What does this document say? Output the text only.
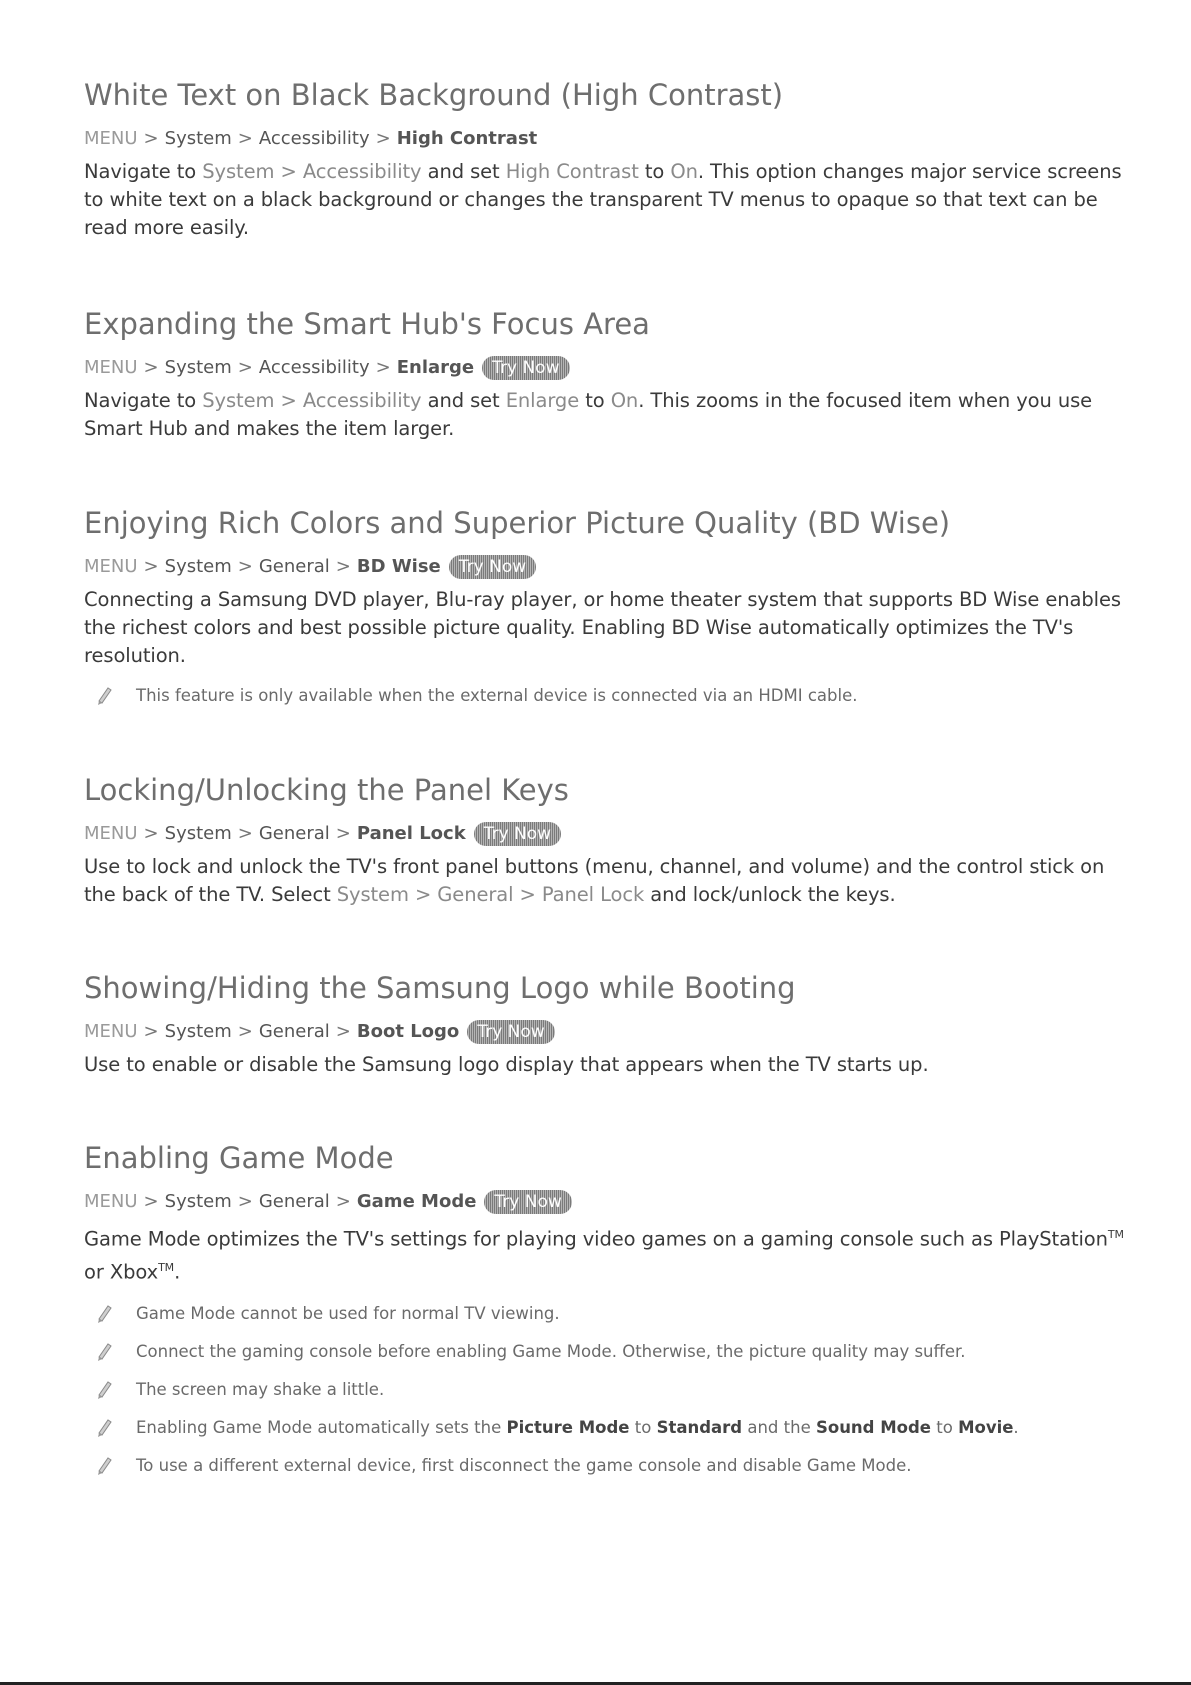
White Text on Black Background (High Contrast)
MENU > System > Accessibility > High Contrast
Navigate to System > Accessibility and set High Contrast to On. This option changes major service screens to white text on a black background or changes the transparent TV menus to opaque so that text can be read more easily.
Expanding the Smart Hub's Focus Area
MENU > System > Accessibility > Enlarge	Try Now
Navigate to System > Accessibility and set Enlarge to On. This zooms in the focused item when you use Smart Hub and makes the item larger.
Enjoying Rich Colors and Superior Picture Quality (BD Wise)
MENU > System > General > BD Wise	Try Now
Connecting a Samsung DVD player, Blu-ray player, or home theater system that supports BD Wise enables the richest colors and best possible picture quality. Enabling BD Wise automatically optimizes the TV's resolution.
This feature is only available when the external device is connected via an HDMI cable.
Locking/Unlocking the Panel Keys
MENU > System > General > Panel Lock	Try Now
Use to lock and unlock the TV's front panel buttons (menu, channel, and volume) and the control stick on the back of the TV. Select System > General > Panel Lock and lock/unlock the keys.
Showing/Hiding the Samsung Logo while Booting
MENU > System > General > Boot Logo	Try Now
Use to enable or disable the Samsung logo display that appears when the TV starts up.
Enabling Game Mode
MENU > System > General > Game Mode	Try Now
Game Mode optimizes the TV's settings for playing video games on a gaming console such as PlayStation™ or Xbox™.
Game Mode cannot be used for normal TV viewing.
Connect the gaming console before enabling Game Mode. Otherwise, the picture quality may suffer.
The screen may shake a little.
Enabling Game Mode automatically sets the Picture Mode to Standard and the Sound Mode to Movie.
To use a different external device, first disconnect the game console and disable Game Mode.
